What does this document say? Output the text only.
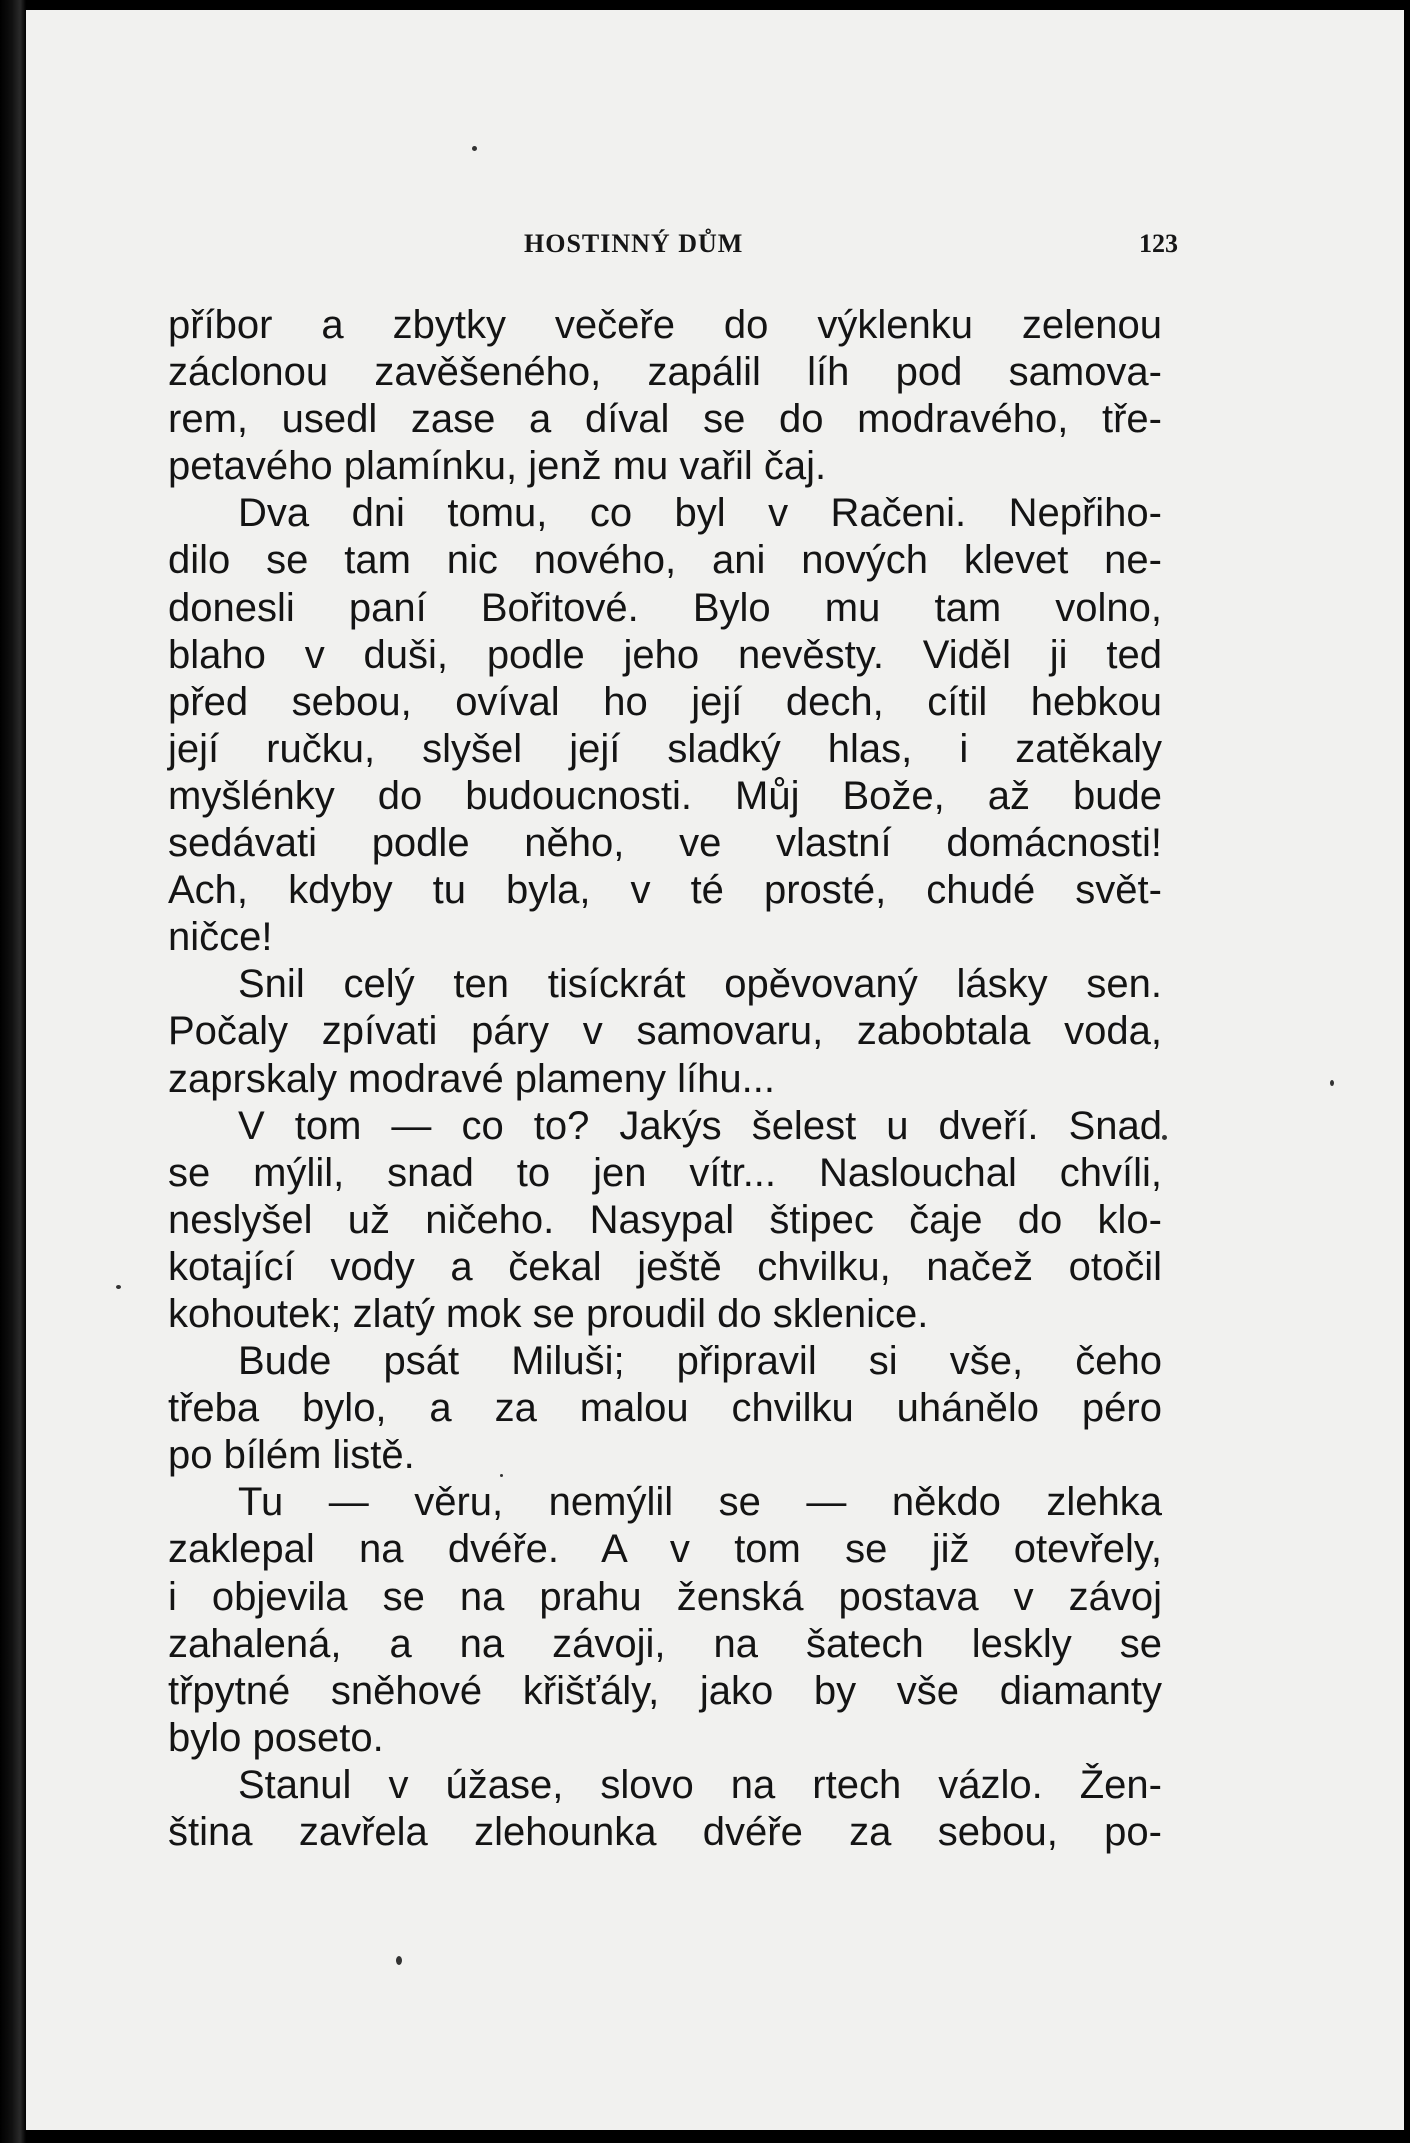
HOSTINNÝ DŮM	123
příbor a zbytky večeře do výklenku zelenou
záclonou zavěšeného, zapálil líh pod samova-
rem, usedl zase a díval se do modravého, tře-
petavého plamínku, jenž mu vařil čaj.
Dva dni tomu, co byl v Račeni. Nepřiho-
dilo se tam nic nového, ani nových klevet ne-
donesli paní Bořitové. Bylo mu tam volno,
blaho v duši, podle jeho nevěsty. Viděl ji ted
před sebou, ovíval ho její dech, cítil hebkou
její ručku, slyšel její sladký hlas, i zatěkaly
myšlénky do budoucnosti. Můj Bože, až bude
sedávati podle něho, ve vlastní domácnosti!
Ach, kdyby tu byla, v té prosté, chudé svět-
ničce!
Snil celý ten tisíckrát opěvovaný lásky sen.
Počaly zpívati páry v samovaru, zabobtala voda,
zaprskaly modravé plameny líhu...
V tom — co to? Jakýs šelest u dveří. Snad
se mýlil, snad to jen vítr... Naslouchal chvíli,
neslyšel už ničeho. Nasypal štipec čaje do klo-
kotající vody a čekal ještě chvilku, načež otočil
kohoutek; zlatý mok se proudil do sklenice.
Bude psát Miluši; připravil si vše, čeho
třeba bylo, a za malou chvilku uhánělo péro
po bílém listě.
Tu — věru, nemýlil se — někdo zlehka
zaklepal na dvéře. A v tom se již otevřely,
i objevila se na prahu ženská postava v závoj
zahalená, a na závoji, na šatech leskly se
třpytné sněhové křišťály, jako by vše diamanty
bylo poseto.
Stanul v úžase, slovo na rtech vázlo. Žen-
ština zavřela zlehounka dvéře za sebou, po-
